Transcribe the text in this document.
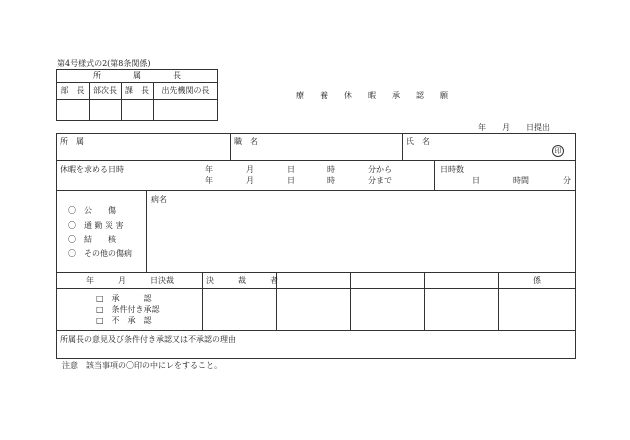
第4号様式の2(第8条関係)
所　　　　属　　　　長
部　長	部次長	課　長	出先機関の長
療　　養　　休　　暇　　承　　認　　願
年　　月　　日提出
所　属	職　名	氏　名
印
休暇を求める日時	年	月	日	時	分から
年	月	日	時	分まで
日時数
日	時間	分
〇　公　　傷
〇　通 勤 災 害
〇　結　　核
〇　その他の傷病
病名
年　　　月　　　日決裁	決　　　裁　　　者	係
□　承　　　認
□　条件付き承認
□　不　承　認
所属長の意見及び条件付き承認又は不承認の理由
注意　該当事項の〇印の中にレをすること。
